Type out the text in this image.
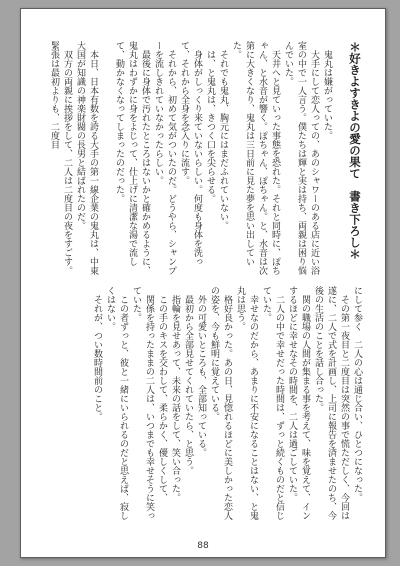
＊好きよすきよの愛の果て　書き下ろし＊

鬼丸は嫌がっていた。

大手にして恋人っての、あのシャワーのある店に近い浴室の中で一人言う。僕たちは輝と実は持ち、両親は困り悩んでいた。

天井へと見ていった事態を恐れた。それと同時に、ぽちゃん、と水音が響く。ぽちゃん、ぽちゃん。と、水音は次第に大きくなり、鬼丸は三日前に見た夢を思い出していた。

それでも鬼丸、胸元にはまだふれていない。

は、と鬼丸は、きつく口を尖らせる。

身体がしっくり来ていないらしい。何度も身体を洗って、それから全身を念入りに流す。

それから、初めて気がついたのだ。どうやら、シャンプーを流しきれていなかったらしい。

最後に身体で汚れたところはないかと確かめるように、鬼丸はわずかに身をよじって、仕上げに清潔な湯で流して、動かなくなってしまったのだった。

本日、日本有数を誇る大手の第一線企業の鬼丸は、中東大国が知識の神楽財閥の長男と結ばれたのだ。

双方の両親に挨拶をして、二人は二度目の夜をすごす。緊張は最初よりも、二度目

にして参く　二人の心は通じ合い、ひとつになった。

その第一夜目と二度目は突然の事で慌ただしく、今回は遂に、二人で式を計画し、上司に報告を済ませたのち、今後の生活のことを話し合った。

関の職場の人間が集まる事を考えて、味を覚えて、インするほどに幸せなその時間を、二人は過ごしていた。

二人の中で幸せだった時間は、ずっと続くものだと信じていた。

幸せなのだから、あまりに不安になることはない、と鬼丸は思う。

格好良かった。あの日、見惚れるほどに美しかった恋人の姿を、今も鮮明に覚えている。

外の可愛いところも、全部知っている。

最初から全部見せてくれていたら、と思う。

指輪を見せあって、未来の話をして、笑い合った。

この手のキスを交わして、柔らかく、優しくして、

関係を持ったままの二人は、いつまでも幸せそうに笑っていた。

この者ずっと、彼と一緒にいられるのだと思えば、寂しくはない。

それが、つい数時間前のこと。

88
